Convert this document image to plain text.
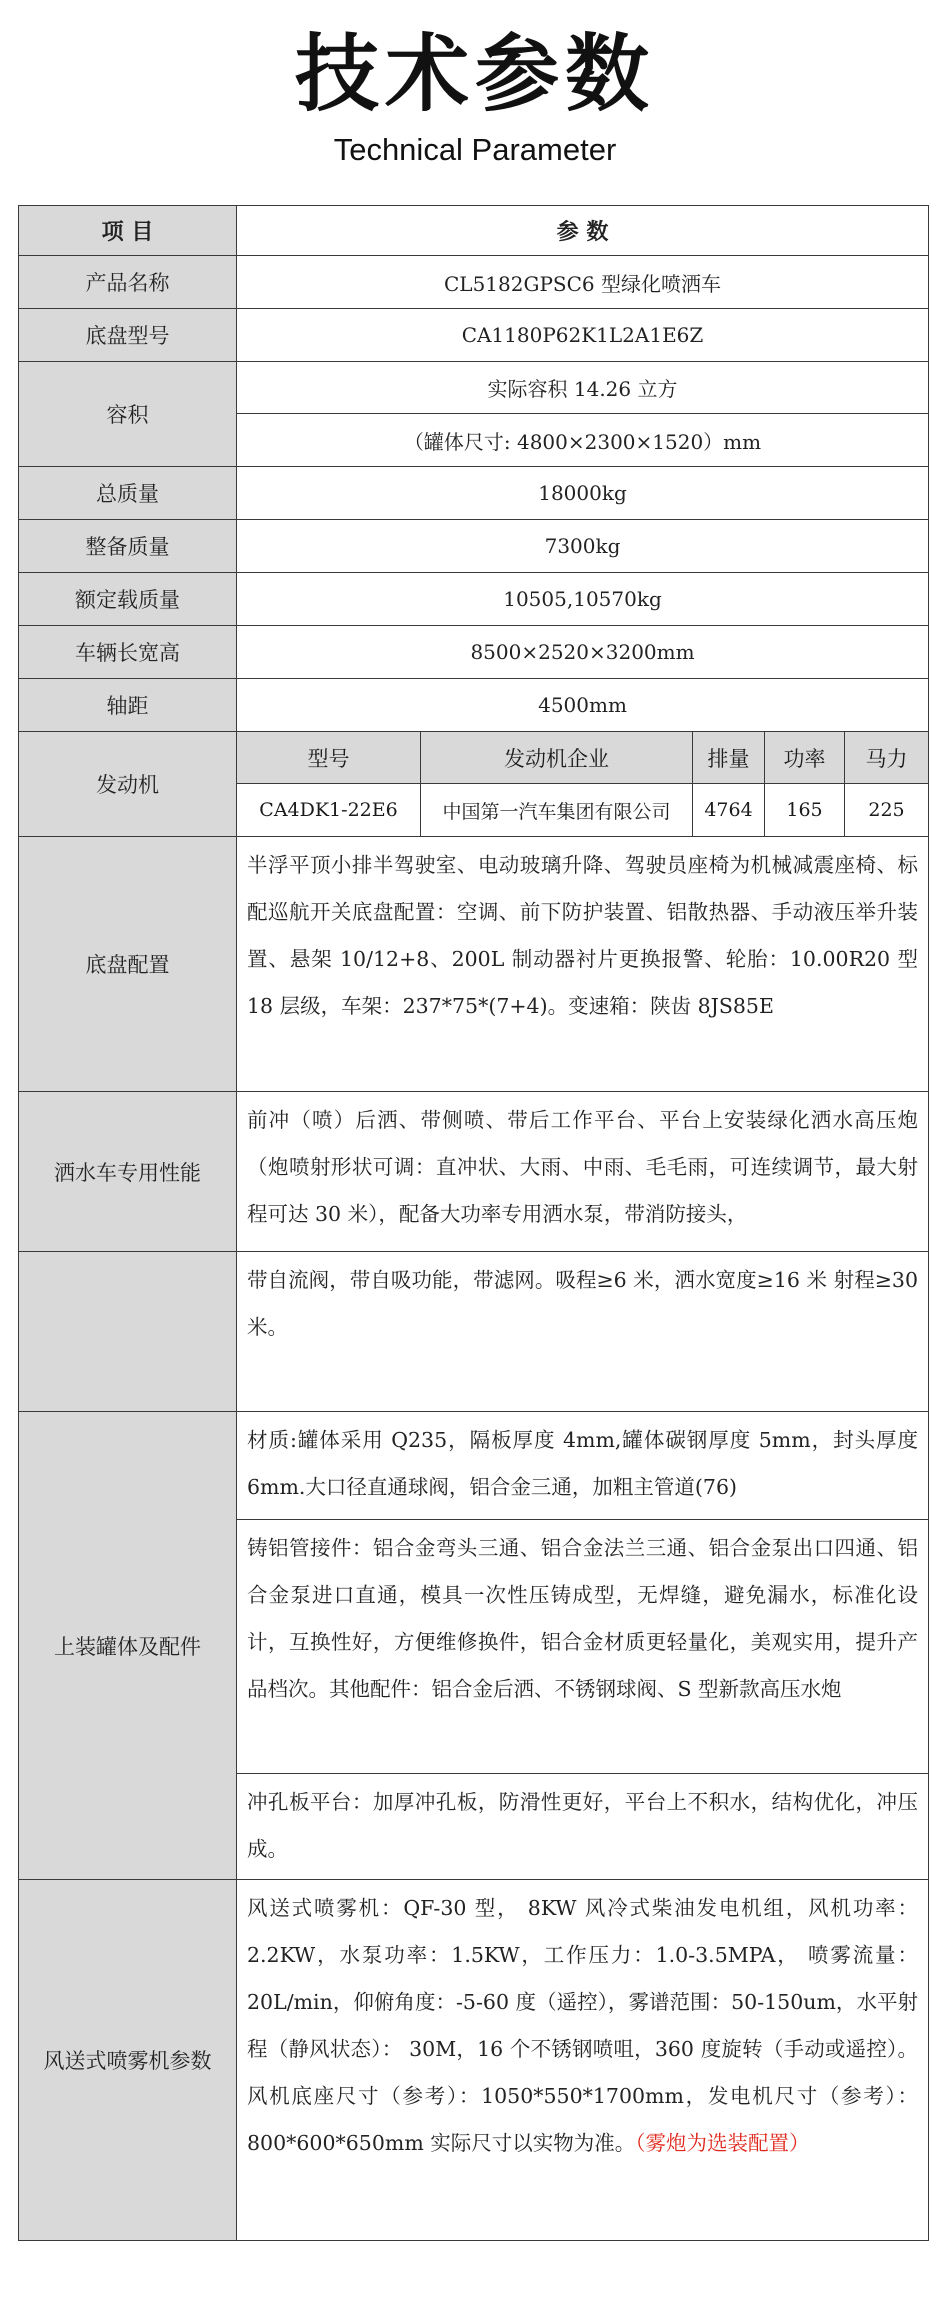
技术参数
Technical Parameter
项 目	参 数				
产品名称	CL5182GPSC6 型绿化喷洒车				
底盘型号	CA1180P62K1L2A1E6Z				
容积	实际容积 14.26 立方				
	（罐体尺寸: 4800×2300×1520）mm				
总质量	18000kg				
整备质量	7300kg				
额定载质量	10505,10570kg				
车辆长宽高	8500×2520×3200mm				
轴距	4500mm				
发动机	型号	发动机企业	排量	功率	马力
	CA4DK1-22E6	中国第一汽车集团有限公司	4764	165	225
底盘配置	半浮平顶小排半驾驶室、电动玻璃升降、驾驶员座椅为机械减震座椅、标配巡航开关底盘配置：空调、前下防护装置、铝散热器、手动液压举升装置、悬架 10/12+8、200L 制动器衬片更换报警、轮胎：10.00R20 型 18 层级，车架：237*75*(7+4)。变速箱：陕齿 8JS85E				
洒水车专用性能	前冲（喷）后洒、带侧喷、带后工作平台、平台上安装绿化洒水高压炮（炮喷射形状可调：直冲状、大雨、中雨、毛毛雨，可连续调节，最大射程可达 30 米），配备大功率专用洒水泵，带消防接头，				
	带自流阀，带自吸功能，带滤网。吸程≥6 米，洒水宽度≥16 米 射程≥30 米。				
上装罐体及配件	材质:罐体采用 Q235，隔板厚度 4mm,罐体碳钢厚度 5mm，封头厚度 6mm.大口径直通球阀，铝合金三通，加粗主管道(76)				
	铸铝管接件：铝合金弯头三通、铝合金法兰三通、铝合金泵出口四通、铝合金泵进口直通，模具一次性压铸成型，无焊缝，避免漏水，标准化设计，互换性好，方便维修换件，铝合金材质更轻量化，美观实用，提升产品档次。其他配件：铝合金后洒、不锈钢球阀、S 型新款高压水炮				
	冲孔板平台：加厚冲孔板，防滑性更好，平台上不积水，结构优化，冲压成。				
风送式喷雾机参数	风送式喷雾机：QF-30 型， 8KW 风冷式柴油发电机组，风机功率：2.2KW，水泵功率：1.5KW，工作压力：1.0-3.5MPA， 喷雾流量：20L/min，仰俯角度：-5-60 度（遥控），雾谱范围：50-150um，水平射程（静风状态）： 30M，16 个不锈钢喷咀，360 度旋转（手动或遥控）。风机底座尺寸（参考）：1050*550*1700mm，发电机尺寸（参考）：800*600*650mm 实际尺寸以实物为准。（雾炮为选装配置）				
